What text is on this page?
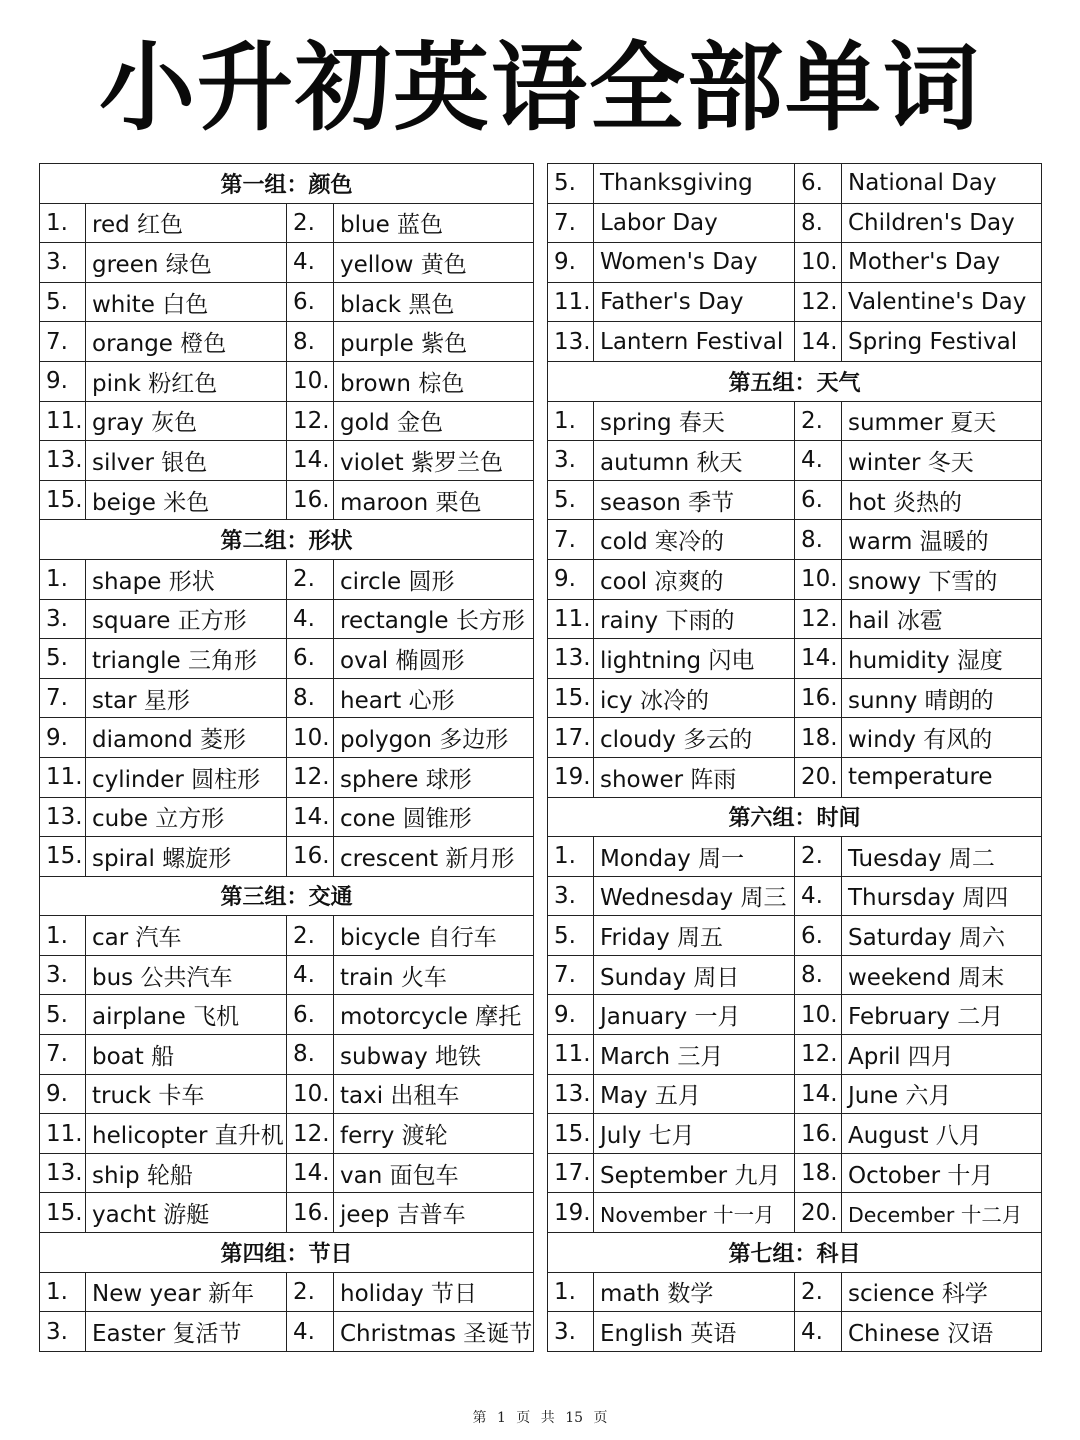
小升初英语全部单词
第一组：颜色			
1.	red 红色	2.	blue 蓝色
3.	green 绿色	4.	yellow 黄色
5.	white 白色	6.	black 黑色
7.	orange 橙色	8.	purple 紫色
9.	pink 粉红色	10.	brown 棕色
11.	gray 灰色	12.	gold 金色
13.	silver 银色	14.	violet 紫罗兰色
15.	beige 米色	16.	maroon 栗色
第二组：形状			
1.	shape 形状	2.	circle 圆形
3.	square 正方形	4.	rectangle 长方形
5.	triangle 三角形	6.	oval 椭圆形
7.	star 星形	8.	heart 心形
9.	diamond 菱形	10.	polygon 多边形
11.	cylinder 圆柱形	12.	sphere 球形
13.	cube 立方形	14.	cone 圆锥形
15.	spiral 螺旋形	16.	crescent 新月形
第三组：交通			
1.	car 汽车	2.	bicycle 自行车
3.	bus 公共汽车	4.	train 火车
5.	airplane 飞机	6.	motorcycle 摩托
7.	boat 船	8.	subway 地铁
9.	truck 卡车	10.	taxi 出租车
11.	helicopter 直升机	12.	ferry 渡轮
13.	ship 轮船	14.	van 面包车
15.	yacht 游艇	16.	jeep 吉普车
第四组：节日			
1.	New year 新年	2.	holiday 节日
3.	Easter 复活节	4.	Christmas 圣诞节
5.	Thanksgiving	6.	National Day
7.	Labor Day	8.	Children's Day
9.	Women's Day	10.	Mother's Day
11.	Father's Day	12.	Valentine's Day
13.	Lantern Festival	14.	Spring Festival
第五组：天气			
1.	spring 春天	2.	summer 夏天
3.	autumn 秋天	4.	winter 冬天
5.	season 季节	6.	hot 炎热的
7.	cold 寒冷的	8.	warm 温暖的
9.	cool 凉爽的	10.	snowy 下雪的
11.	rainy 下雨的	12.	hail 冰雹
13.	lightning 闪电	14.	humidity 湿度
15.	icy 冰冷的	16.	sunny 晴朗的
17.	cloudy 多云的	18.	windy 有风的
19.	shower 阵雨	20.	temperature
第六组：时间			
1.	Monday 周一	2.	Tuesday 周二
3.	Wednesday 周三	4.	Thursday 周四
5.	Friday 周五	6.	Saturday 周六
7.	Sunday 周日	8.	weekend 周末
9.	January 一月	10.	February 二月
11.	March 三月	12.	April 四月
13.	May 五月	14.	June 六月
15.	July 七月	16.	August 八月
17.	September 九月	18.	October 十月
19.	November 十一月	20.	December 十二月
第七组：科目			
1.	math 数学	2.	science 科学
3.	English 英语	4.	Chinese 汉语
第 1 页 共 15 页
